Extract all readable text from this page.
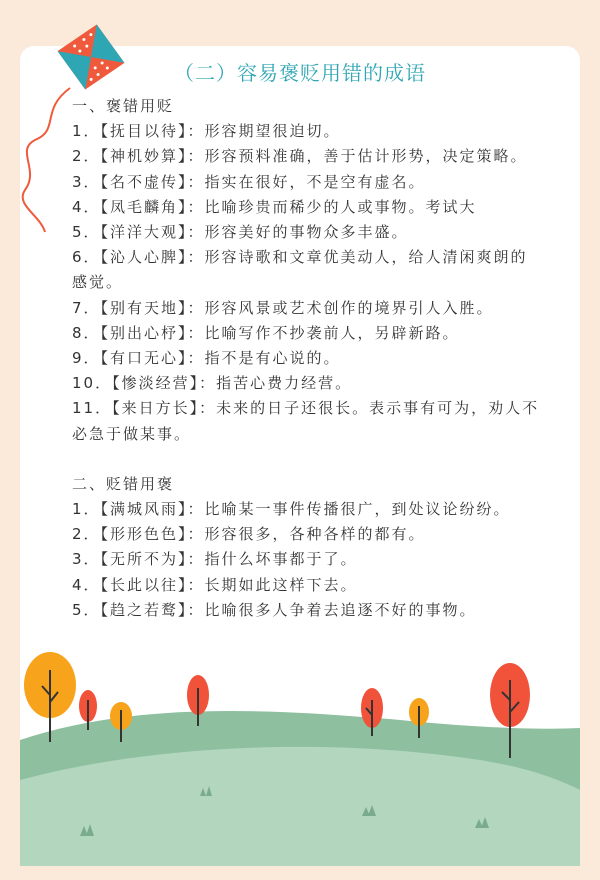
（二）容易褒贬用错的成语

一、褒错用贬

1．【抚目以待】：形容期望很迫切。

2．【神机妙算】：形容预料准确，善于估计形势，决定策略。

3．【名不虚传】：指实在很好，不是空有虚名。

4．【凤毛麟角】：比喻珍贵而稀少的人或事物。考试大

5．【洋洋大观】：形容美好的事物众多丰盛。

6．【沁人心脾】：形容诗歌和文章优美动人，给人清闲爽朗的感觉。

7．【别有天地】：形容风景或艺术创作的境界引人入胜。

8．【别出心杼】：比喻写作不抄袭前人，另辟新路。

9．【有口无心】：指不是有心说的。

10．【惨淡经营】：指苦心费力经营。

11．【来日方长】：未来的日子还很长。表示事有可为，劝人不必急于做某事。

二、贬错用褒

1．【满城风雨】：比喻某一事件传播很广，到处议论纷纷。

2．【形形色色】：形容很多，各种各样的都有。

3．【无所不为】：指什么坏事都于了。

4．【长此以往】：长期如此这样下去。

5．【趋之若鹜】：比喻很多人争着去追逐不好的事物。
